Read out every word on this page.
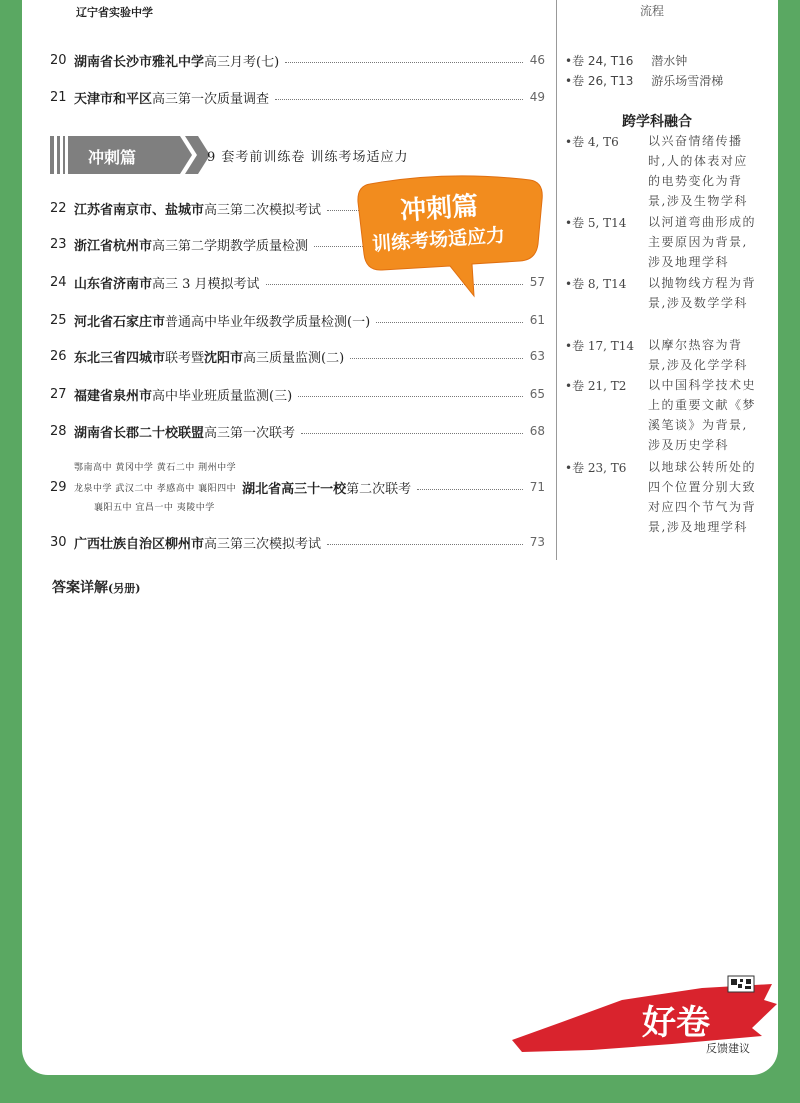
辽宁省实验中学	流程
20 湖南省长沙市雅礼中学 高三月考(七)	46
21 天津市和平区 高三第一次质量调查	49
冲刺篇	9 套考前训练卷 训练考场适应力
22 江苏省南京市、盐城市 高三第二次模拟考试
23 浙江省杭州市 高三第二学期教学质量检测
24 山东省济南市 高三 3 月模拟考试	57
25 河北省石家庄市 普通高中毕业年级教学质量检测(一)	61
26 东北三省四城市 联考暨 沈阳市 高三质量监测(二)	63
27 福建省泉州市 高中毕业班质量监测(三)	65
28 湖南省长郡二十校联盟 高三第一次联考	68
冲刺篇
训练考场适应力
鄂南高中 黄冈中学 黄石二中 荆州中学
29 龙泉中学 武汉二中 孝感高中 襄阳四中 湖北省高三十一校 第二次联考	71
襄阳五中 宜昌一中 夷陵中学
30 广西壮族自治区柳州市 高三第三次模拟考试	73
答案详解(另册)
•卷 24, T16 潜水钟
•卷 26, T13 游乐场雪滑梯
跨学科融合
•卷 4, T6 以兴奋情绪传播时,人的体表对应的电势变化为背景,涉及生物学科
•卷 5, T14 以河道弯曲形成的主要原因为背景,涉及地理学科
•卷 8, T14 以抛物线方程为背景,涉及数学学科
•卷 17, T14 以摩尔热容为背景,涉及化学学科
•卷 21, T2 以中国科学技术史上的重要文献《梦溪笔谈》为背景,涉及历史学科
•卷 23, T6 以地球公转所处的四个位置分别大致对应四个节气为背景,涉及地理学科
好卷
反馈建议
